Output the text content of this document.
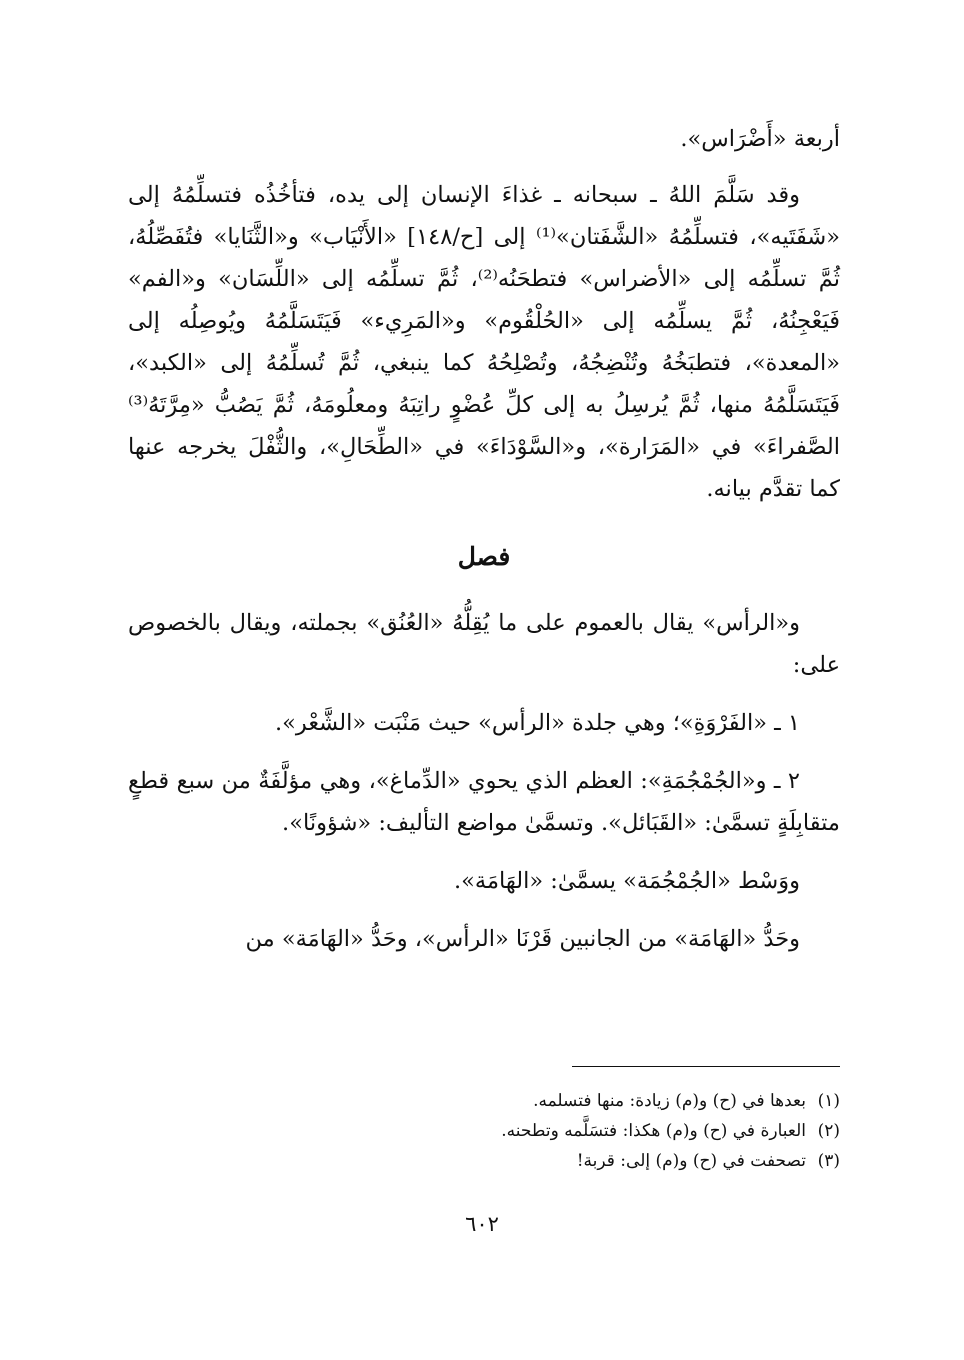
أربعة «أَضْرَاس».

وقد سَلَّمَ اللهُ ـ سبحانه ـ غذاءَ الإنسان إلى يده، فتأخُذُه فتسلِّمُهُ إلى «شَفَتَيه»، فتسلِّمُهُ «الشَّفَتان»⁽¹⁾ إلى [ح/١٤٨] «الأَنْيَاب» و«الثَّنَايا» فتُفَصِّلُهُ، ثُمَّ تسلِّمُه إلى «الأضراس» فتطحَنُه⁽²⁾، ثُمَّ تسلِّمُه إلى «اللِّسَان» و«الفم» فَيَعْجِنُهُ، ثُمَّ يسلِّمُه إلى «الحُلْقُوم» و«المَرِيء» فَيَتَسَلَّمُهُ ويُوصِلُه إلى «المعدة»، فتطبَخُهُ وتُنْضِجُهُ، وتُصْلِحُهُ كما ينبغي، ثُمَّ تُسلِّمُهُ إلى «الكبد»، فَيَتَسَلَّمُهُ منها، ثُمَّ يُرسِلُ به إلى كلِّ عُضْوٍ راتِبَهُ ومعلُومَهُ، ثُمَّ يَصُبُّ «مِرَّتَهُ⁽³⁾ الصَّفراءَ» في «المَرَارة»، و«السَّوْدَاءَ» في «الطِّحَالِ»، والثُّفْلَ يخرجه عنها كما تقدَّم بيانه.

فصل

و«الرأس» يقال بالعموم على ما يُقِلُّهُ «العُنُق» بجملته، ويقال بالخصوص على:

١ ـ «الفَرْوَةِ»؛ وهي جلدة «الرأس» حيث مَنْبَت «الشَّعْر».

٢ ـ و«الجُمْجُمَةِ»: العظم الذي يحوي «الدِّماغ»، وهي مؤلَّفَةٌ من سبع قطعٍ متقابِلَةٍ تسمَّىٰ: «القَبَائل». وتسمَّىٰ مواضع التأليف: «شؤونًا».

ووَسْط «الجُمْجُمَة» يسمَّىٰ: «الهَامَة».

وحَدُّ «الهَامَة» من الجانبين قَرْنَا «الرأس»، وحَدُّ «الهَامَة» من

(١)بعدها في (ح) و(م) زيادة: منها فتسلمه.

(٢)العبارة في (ح) و(م) هكذا: فتسَلَّمه وتطحنه.

(٣)تصحفت في (ح) و(م) إلى: قربة!

٦٠٢
